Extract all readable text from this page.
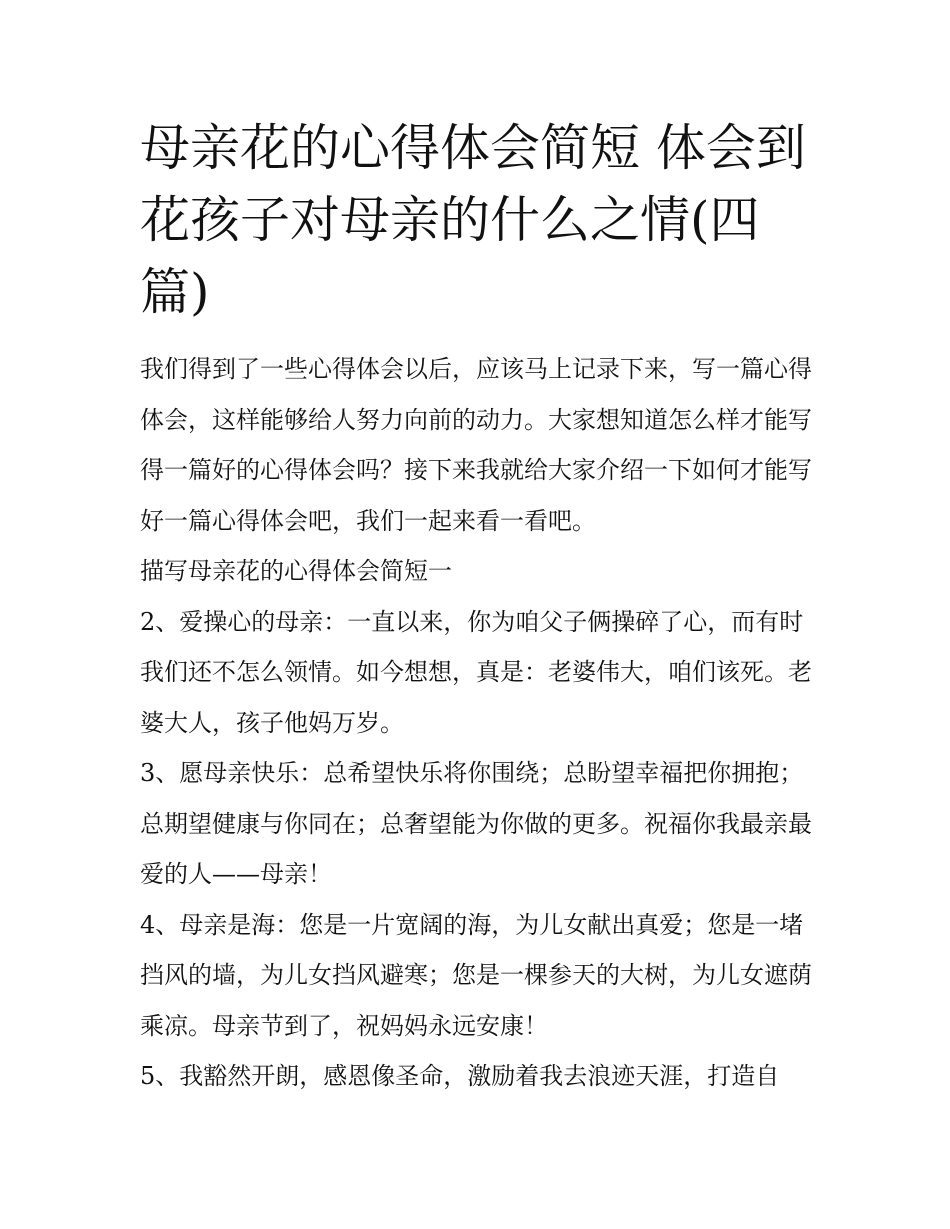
母亲花的心得体会简短 体会到花孩子对母亲的什么之情(四篇)

我们得到了一些心得体会以后，应该马上记录下来，写一篇心得体会，这样能够给人努力向前的动力。大家想知道怎么样才能写得一篇好的心得体会吗？接下来我就给大家介绍一下如何才能写好一篇心得体会吧，我们一起来看一看吧。

描写母亲花的心得体会简短一

2、爱操心的母亲：一直以来，你为咱父子俩操碎了心，而有时我们还不怎么领情。如今想想，真是：老婆伟大，咱们该死。老婆大人，孩子他妈万岁。

3、愿母亲快乐：总希望快乐将你围绕；总盼望幸福把你拥抱；总期望健康与你同在；总奢望能为你做的更多。祝福你我最亲最爱的人——母亲！

4、母亲是海：您是一片宽阔的海，为儿女献出真爱；您是一堵挡风的墙，为儿女挡风避寒；您是一棵参天的大树，为儿女遮荫乘凉。母亲节到了，祝妈妈永远安康！

5、我豁然开朗，感恩像圣命，激励着我去浪迹天涯，打造自
